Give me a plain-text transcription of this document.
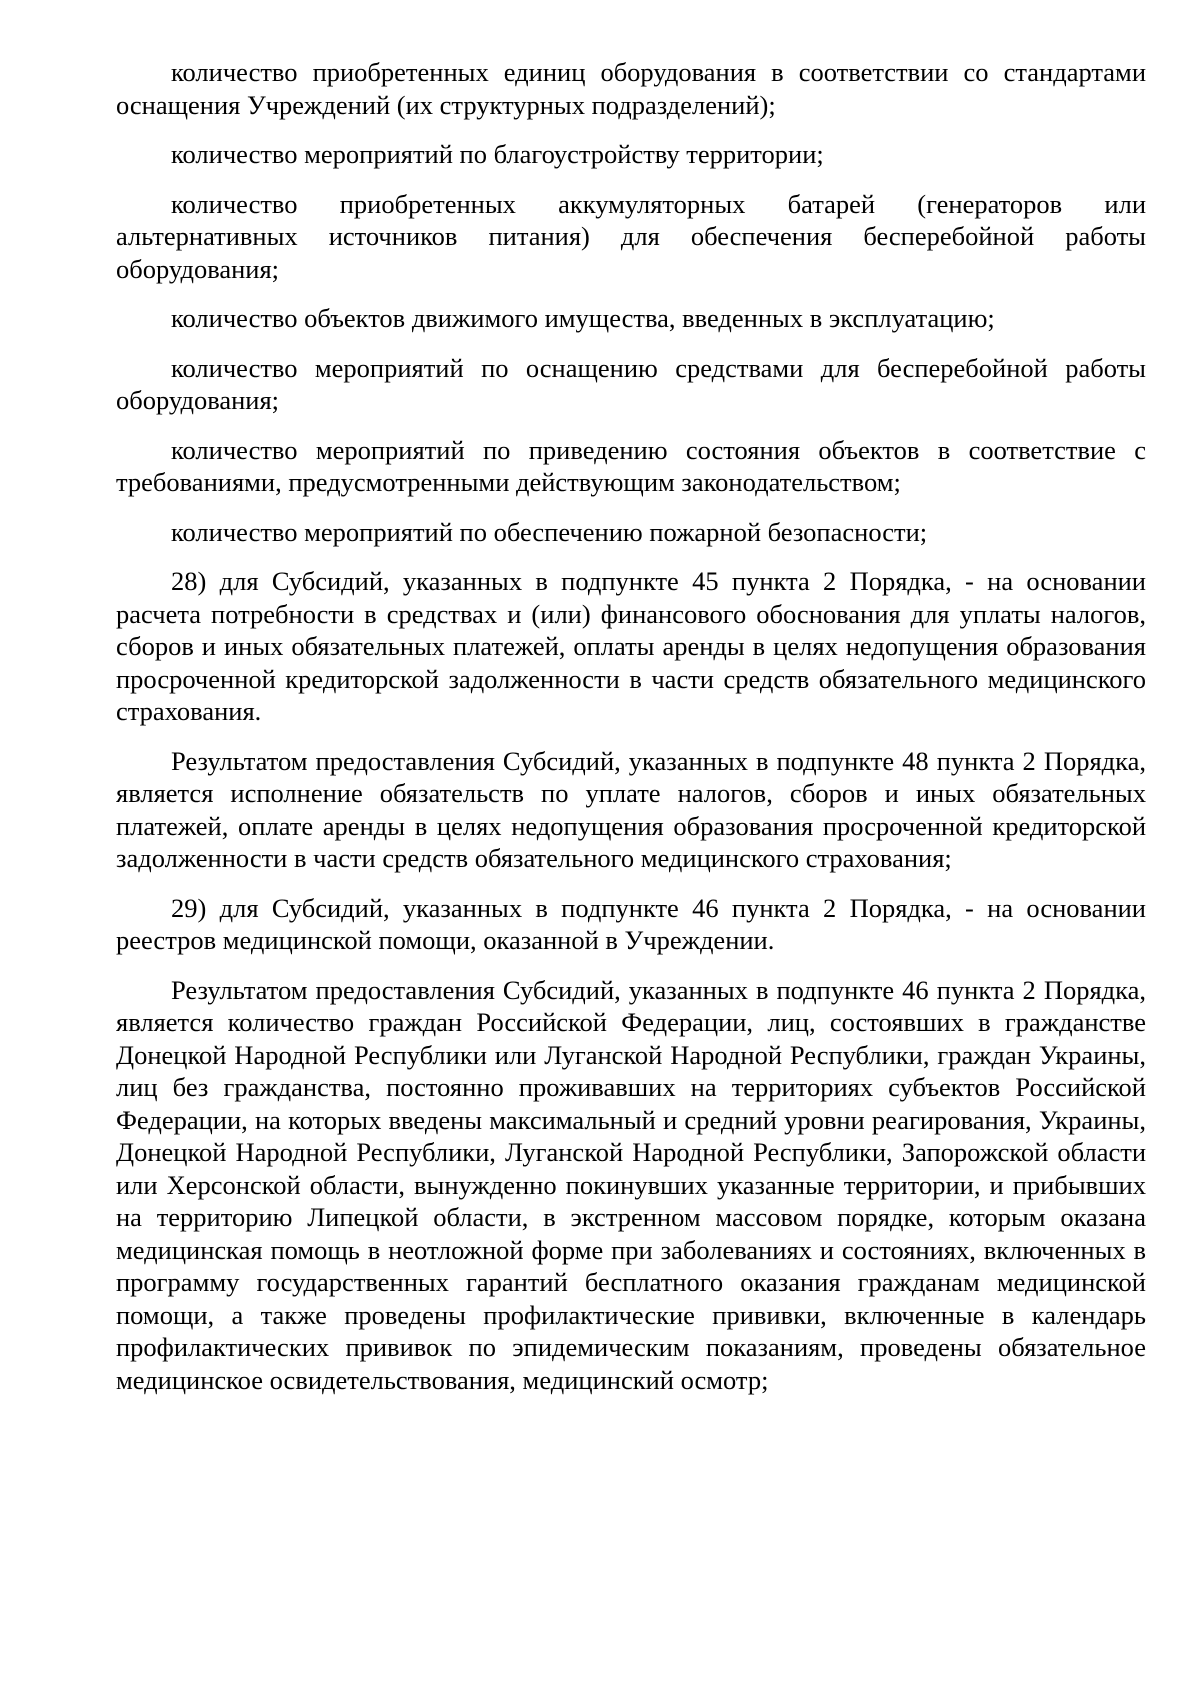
количество приобретенных единиц оборудования в соответствии со стандартами оснащения Учреждений (их структурных подразделений);

количество мероприятий по благоустройству территории;

количество приобретенных аккумуляторных батарей (генераторов или альтернативных источников питания) для обеспечения бесперебойной работы оборудования;

количество объектов движимого имущества, введенных в эксплуатацию;

количество мероприятий по оснащению средствами для бесперебойной работы оборудования;

количество мероприятий по приведению состояния объектов в соответствие с требованиями, предусмотренными действующим законодательством;

количество мероприятий по обеспечению пожарной безопасности;

28) для Субсидий, указанных в подпункте 45 пункта 2 Порядка, - на основании расчета потребности в средствах и (или) финансового обоснования для уплаты налогов, сборов и иных обязательных платежей, оплаты аренды в целях недопущения образования просроченной кредиторской задолженности в части средств обязательного медицинского страхования.

Результатом предоставления Субсидий, указанных в подпункте 48 пункта 2 Порядка, является исполнение обязательств по уплате налогов, сборов и иных обязательных платежей, оплате аренды в целях недопущения образования просроченной кредиторской задолженности в части средств обязательного медицинского страхования;

29) для Субсидий, указанных в подпункте 46 пункта 2 Порядка, - на основании реестров медицинской помощи, оказанной в Учреждении.

Результатом предоставления Субсидий, указанных в подпункте 46 пункта 2 Порядка, является количество граждан Российской Федерации, лиц, состоявших в гражданстве Донецкой Народной Республики или Луганской Народной Республики, граждан Украины, лиц без гражданства, постоянно проживавших на территориях субъектов Российской Федерации, на которых введены максимальный и средний уровни реагирования, Украины, Донецкой Народной Республики, Луганской Народной Республики, Запорожской области или Херсонской области, вынужденно покинувших указанные территории, и прибывших на территорию Липецкой области, в экстренном массовом порядке, которым оказана медицинская помощь в неотложной форме при заболеваниях и состояниях, включенных в программу государственных гарантий бесплатного оказания гражданам медицинской помощи, а также проведены профилактические прививки, включенные в календарь профилактических прививок по эпидемическим показаниям, проведены обязательное медицинское освидетельствования, медицинский осмотр;
